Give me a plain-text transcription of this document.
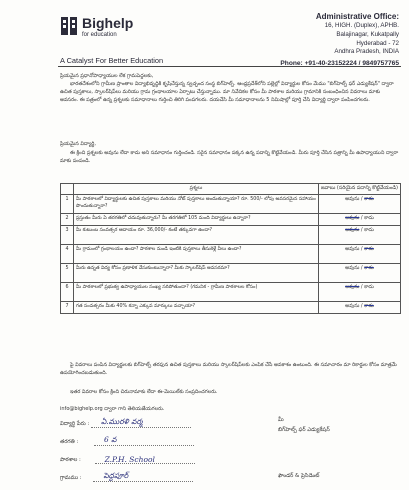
Bighelp
for education
A Catalyst For Better Education
Administrative Office:
16, HIGH. (Duplex), APHB.
Balajinagar, Kukatpally
Hyderabad - 72
Andhra Pradesh, INDIA
Phone: +91-40-23152224 / 9849757765
ప్రియమైన ప్రధానోపాధ్యాయుల లేక గ్రామపెద్దలకు,
భారతదేశంలోని గ్రామీణ ప్రాంతాల విద్యాభివృద్ధికి కృషిచేస్తున్న స్వచ్ఛంద సంస్థ బిగ్‌హెల్ప్. ఆంధ్రప్రదేశ్‌లోని పల్లెల్లో విద్యార్థుల కోసం మేము "బిగ్‌హెల్ప్ ఫర్ ఎడ్యుకేషన్" ద్వారా ఉచిత పుస్తకాలు, స్కాలర్‌షిప్‌లు మరియు గ్రామ గ్రంథాలయాల ఏర్పాటు చేస్తున్నాము. మా నివేదికల కోసం మీ పాఠశాల మరియు గ్రామానికి సంబంధించిన వివరాలు మాకు అవసరం. ఈ పత్రంలో ఉన్న ప్రశ్నలకు సమాధానాలు గుర్తించి తిరిగి పంపగలరు. దయచేసి మీ సమాధానాలను 5 నిమిషాల్లో పూర్తి చేసి విద్యార్థి ద్వారా పంపించగలరు.
ప్రియమైన విద్యార్థి,
ఈ క్రింది ప్రశ్నలకు అవును లేదా కాదు అని సమాధానం గుర్తించండి. సరైన సమాధానం పక్కన ఉన్న పదాన్ని కొట్టివేయండి. మీరు పూర్తి చేసిన పత్రాన్ని మీ ఉపాధ్యాయుని ద్వారా మాకు పంపండి.
	ప్రశ్నలు	జవాబు (సరియైన పదాన్ని కొట్టివేయండి)
1	మీ పాఠశాలలో విద్యార్థులకు ఉచిత పుస్తకాలు మరియు నోట్ పుస్తకాలు అందుతున్నాయా? రూ. 500/- లోపు అవసరమైన సహాయం పొందుతున్నారా?	అవును / కాదు
2	ప్రస్తుతం మీరు ఏ తరగతిలో చదువుతున్నారు? మీ తరగతిలో 105 మంది విద్యార్థులు ఉన్నారా?	అవును / కాదు
3	మీ కుటుంబ సంవత్సర ఆదాయం రూ. 36,000/- కంటే తక్కువగా ఉందా?	అవును / కాదు
4	మీ గ్రామంలో గ్రంథాలయం ఉందా? పాఠశాల నుండి ఇంటికి పుస్తకాలు తీసుకెళ్లే వీలు ఉందా?	అవును / కాదు
5	మీరు ఉన్నత విద్య కోసం ప్రణాళిక వేసుకుంటున్నారా? మీకు స్కాలర్‌షిప్ అవసరమా?	అవును / కాదు
6	మీ పాఠశాలలో ప్రభుత్వ ఉపాధ్యాయుల సంఖ్య సరిపోతుందా? (గమనిక - గ్రామీణ పాఠశాలల కోసం)	అవును / కాదు
7	గత సంవత్సరం మీకు 40% కన్నా ఎక్కువ మార్కులు వచ్చాయా?	అవును / కాదు
పై వివరాలు పంపిన విద్యార్థులకు బిగ్‌హెల్ప్ తరఫున ఉచిత పుస్తకాలు మరియు స్కాలర్‌షిప్‌లకు ఎంపిక చేసే అవకాశం ఉంటుంది. ఈ సమాచారం మా రికార్డుల కోసం మాత్రమే ఉపయోగించబడుతుంది.
ఇతర వివరాల కోసం క్రింది చిరునామాకు లేదా ఈ-మెయిల్‌కు సంప్రదించగలరు.
info@bighelp.org ద్వారా గాని తెలియజేయగలరు.
విద్యార్థి పేరు : ఏ.మురళి వర్మ
తరగతి :	6 వ
పాఠశాల :	Z.P.H. School
గ్రామము :	పెద్దపూర్
మీ
బిగ్‌హెల్ప్ ఫర్ ఎడ్యుకేషన్
ఫౌండర్ & ప్రెసిడెంట్
